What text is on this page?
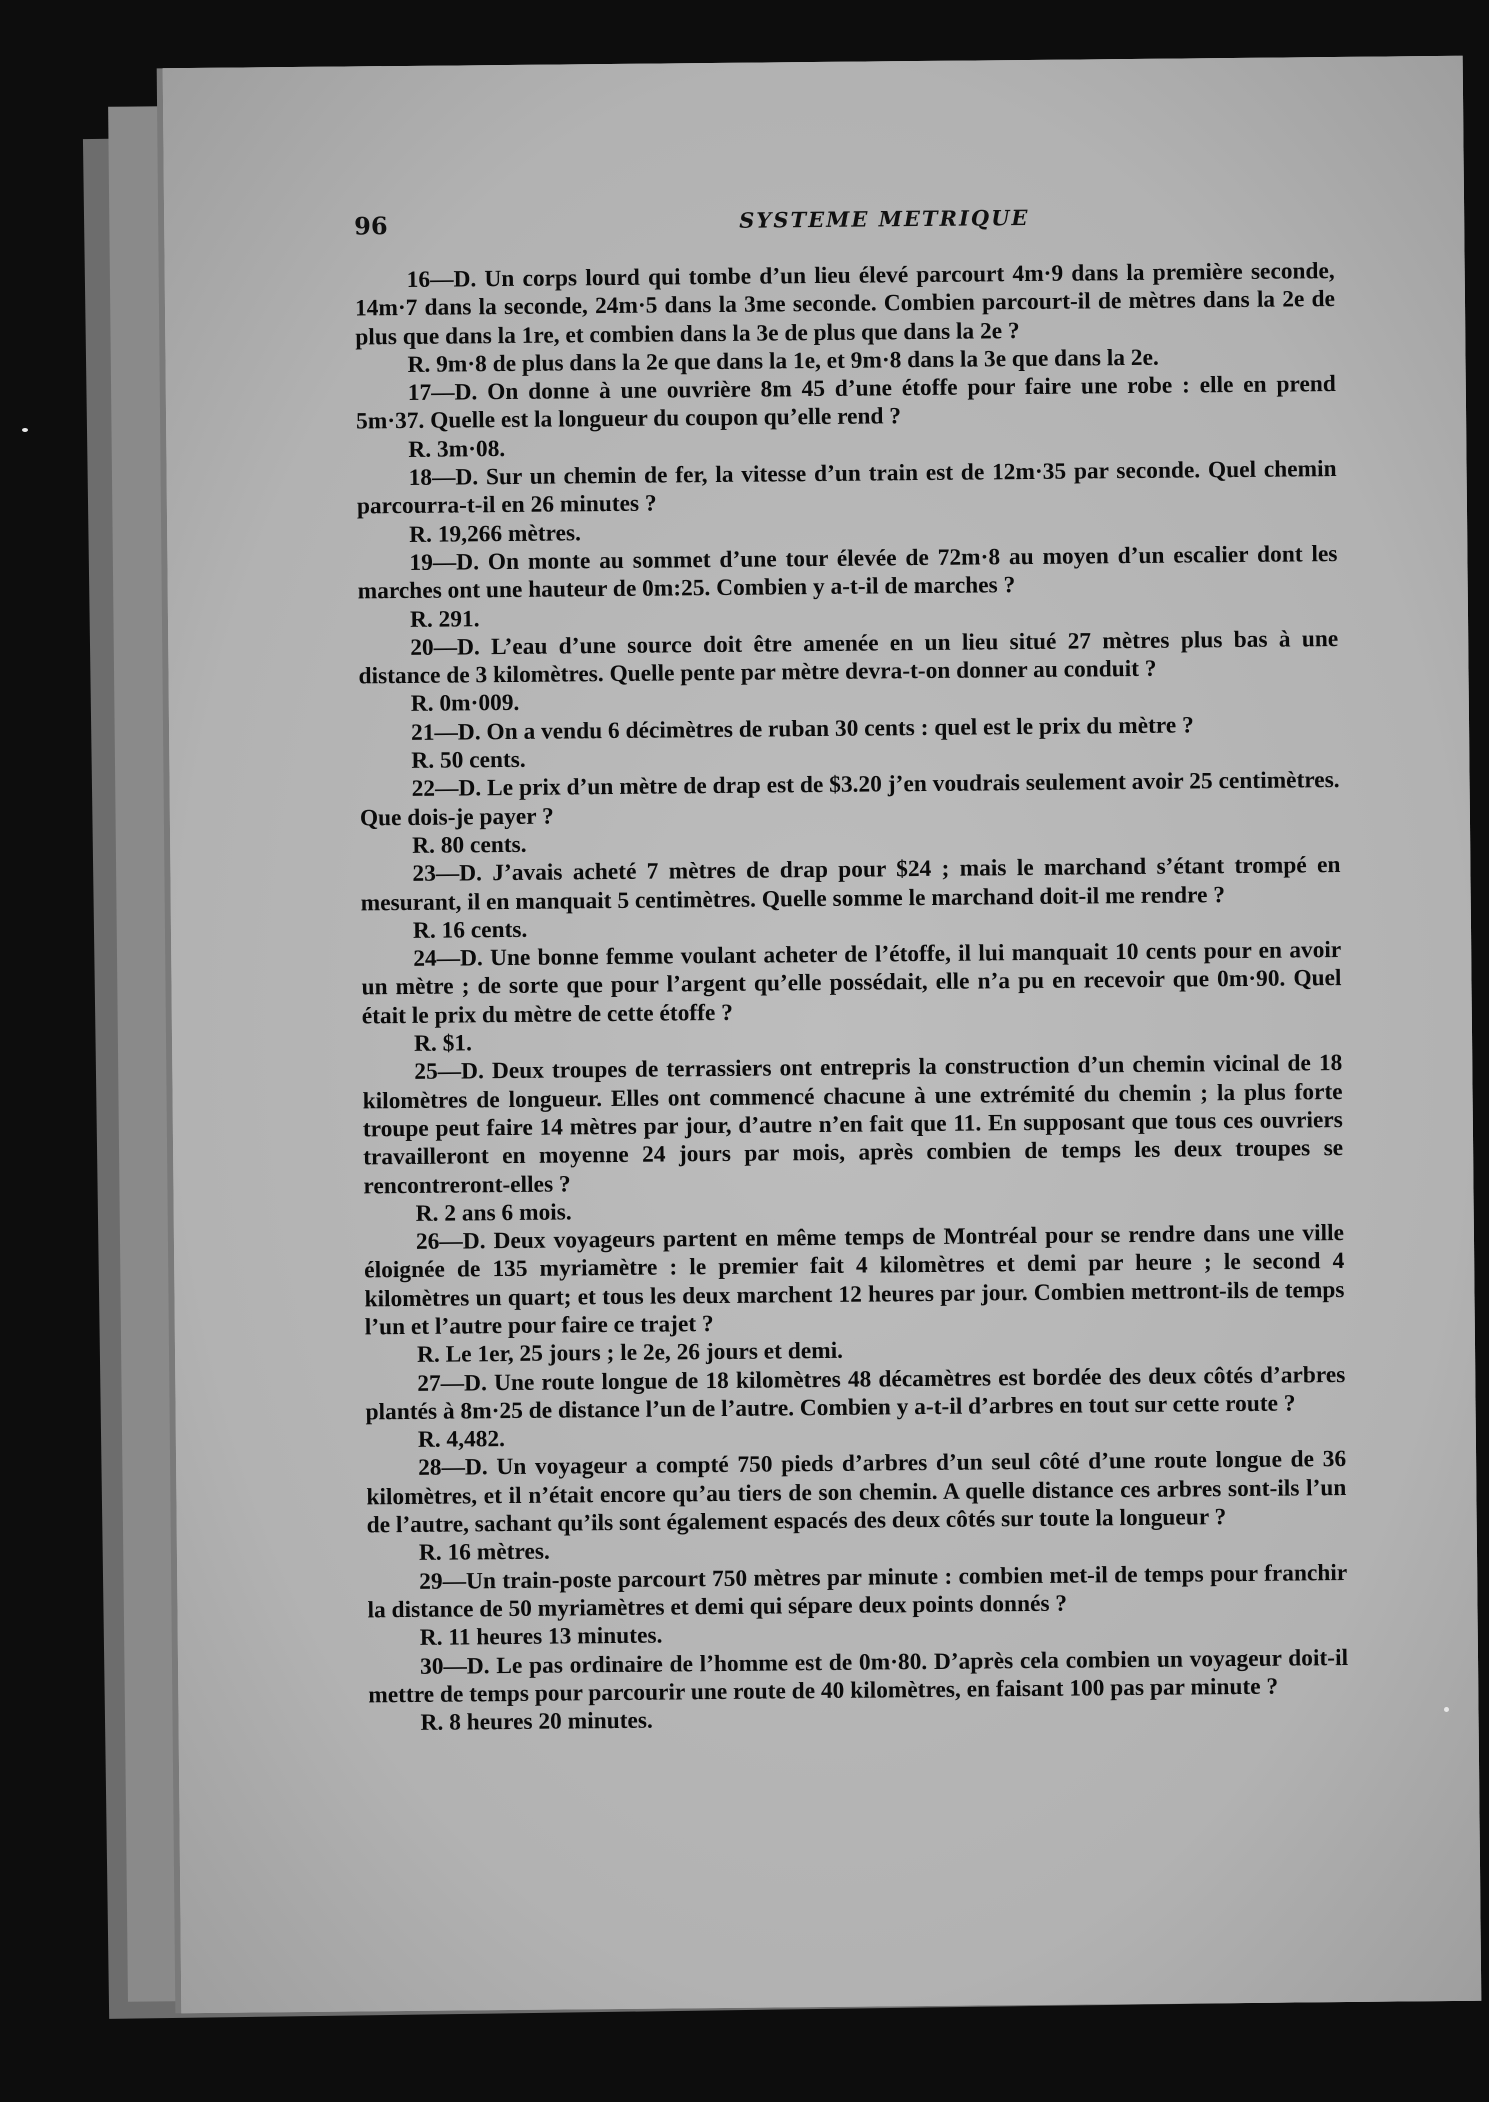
96	SYSTEME METRIQUE

16—D. Un corps lourd qui tombe d’un lieu élevé parcourt 4m·9 dans la première seconde, 14m·7 dans la seconde, 24m·5 dans la 3me seconde. Combien parcourt-il de mètres dans la 2e de plus que dans la 1re, et combien dans la 3e de plus que dans la 2e ?

R. 9m·8 de plus dans la 2e que dans la 1e, et 9m·8 dans la 3e que dans la 2e.

17—D. On donne à une ouvrière 8m 45 d’une étoffe pour faire une robe : elle en prend 5m·37. Quelle est la longueur du coupon qu’elle rend ?

R. 3m·08.

18—D. Sur un chemin de fer, la vitesse d’un train est de 12m·35 par seconde. Quel chemin parcourra-t-il en 26 minutes ?

R. 19,266 mètres.

19—D. On monte au sommet d’une tour élevée de 72m·8 au moyen d’un escalier dont les marches ont une hauteur de 0m:25. Combien y a-t-il de marches ?

R. 291.

20—D. L’eau d’une source doit être amenée en un lieu situé 27 mètres plus bas à une distance de 3 kilomètres. Quelle pente par mètre devra-t-on donner au conduit ?

R. 0m·009.

21—D. On a vendu 6 décimètres de ruban 30 cents : quel est le prix du mètre ?

R. 50 cents.

22—D. Le prix d’un mètre de drap est de $3.20 j’en voudrais seulement avoir 25 centimètres. Que dois-je payer ?

R. 80 cents.

23—D. J’avais acheté 7 mètres de drap pour $24 ; mais le marchand s’étant trompé en mesurant, il en manquait 5 centimètres. Quelle somme le marchand doit-il me rendre ?

R. 16 cents.

24—D. Une bonne femme voulant acheter de l’étoffe, il lui manquait 10 cents pour en avoir un mètre ; de sorte que pour l’argent qu’elle possédait, elle n’a pu en recevoir que 0m·90. Quel était le prix du mètre de cette étoffe ?

R. $1.

25—D. Deux troupes de terrassiers ont entrepris la construction d’un chemin vicinal de 18 kilomètres de longueur. Elles ont commencé chacune à une extrémité du chemin ; la plus forte troupe peut faire 14 mètres par jour, d’autre n’en fait que 11. En supposant que tous ces ouvriers travailleront en moyenne 24 jours par mois, après combien de temps les deux troupes se rencontreront-elles ?

R. 2 ans 6 mois.

26—D. Deux voyageurs partent en même temps de Montréal pour se rendre dans une ville éloignée de 135 myriamètre : le premier fait 4 kilomètres et demi par heure ; le second 4 kilomètres un quart; et tous les deux marchent 12 heures par jour. Combien mettront-ils de temps l’un et l’autre pour faire ce trajet ?

R. Le 1er, 25 jours ; le 2e, 26 jours et demi.

27—D. Une route longue de 18 kilomètres 48 décamètres est bordée des deux côtés d’arbres plantés à 8m·25 de distance l’un de l’autre. Combien y a-t-il d’arbres en tout sur cette route ?

R. 4,482.

28—D. Un voyageur a compté 750 pieds d’arbres d’un seul côté d’une route longue de 36 kilomètres, et il n’était encore qu’au tiers de son chemin. A quelle distance ces arbres sont-ils l’un de l’autre, sachant qu’ils sont également espacés des deux côtés sur toute la longueur ?

R. 16 mètres.

29—Un train-poste parcourt 750 mètres par minute : combien met-il de temps pour franchir la distance de 50 myriamètres et demi qui sépare deux points donnés ?

R. 11 heures 13 minutes.

30—D. Le pas ordinaire de l’homme est de 0m·80. D’après cela combien un voyageur doit-il mettre de temps pour parcourir une route de 40 kilomètres, en faisant 100 pas par minute ?

R. 8 heures 20 minutes.
